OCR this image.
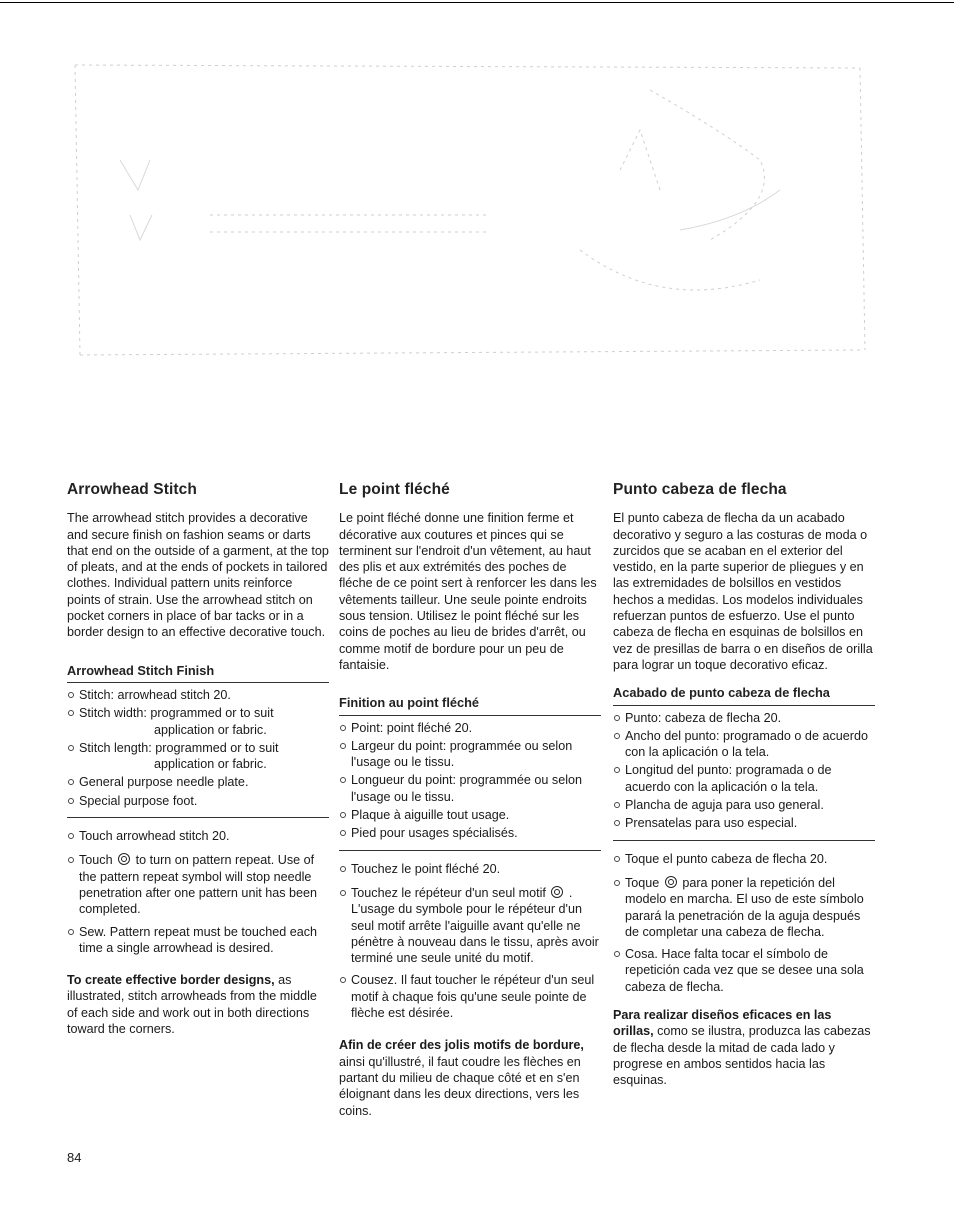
Arrowhead Stitch

The arrowhead stitch provides a decorative and secure finish on fashion seams or darts that end on the outside of a garment, at the top of pleats, and at the ends of pockets in tailored clothes. Individual pattern units reinforce points of strain. Use the arrowhead stitch on pocket corners in place of bar tacks or in a border design to an effective decorative touch.

Arrowhead Stitch Finish
Stitch: arrowhead stitch 20.
Stitch width: programmed or to suit
application or fabric.
Stitch length: programmed or to suit
application or fabric.
General purpose needle plate.
Special purpose foot.
Touch arrowhead stitch 20.
Touch to turn on pattern repeat. Use of the pattern repeat symbol will stop needle penetration after one pattern unit has been completed.
Sew. Pattern repeat must be touched each time a single arrowhead is desired.

To create effective border designs, as illustrated, stitch arrowheads from the middle of each side and work out in both directions toward the corners.

Le point fléché

Le point fléché donne une finition ferme et décorative aux coutures et pinces qui se terminent sur l'endroit d'un vêtement, au haut des plis et aux extrémités des poches de fléche de ce point sert à renforcer les dans les vêtements tailleur. Une seule pointe endroits sous tension. Utilisez le point fléché sur les coins de poches au lieu de brides d'arrêt, ou comme motif de bordure pour un peu de fantaisie.

Finition au point fléché
Point: point fléché 20.
Largeur du point: programmée ou selon l'usage ou le tissu.
Longueur du point: programmée ou selon l'usage ou le tissu.
Plaque à aiguille tout usage.
Pied pour usages spécialisés.
Touchez le point fléché 20.
Touchez le répéteur d'un seul motif . L'usage du symbole pour le répéteur d'un seul motif arrête l'aiguille avant qu'elle ne pénètre à nouveau dans le tissu, après avoir terminé une seule unité du motif.
Cousez. Il faut toucher le répéteur d'un seul motif à chaque fois qu'une seule pointe de flèche est désirée.

Afin de créer des jolis motifs de bordure, ainsi qu'illustré, il faut coudre les flèches en partant du milieu de chaque côté et en s'en éloignant dans les deux directions, vers les coins.

Punto cabeza de flecha

El punto cabeza de flecha da un acabado decorativo y seguro a las costuras de moda o zurcidos que se acaban en el exterior del vestido, en la parte superior de pliegues y en las extremidades de bolsillos en vestidos hechos a medidas. Los modelos individuales refuerzan puntos de esfuerzo. Use el punto cabeza de flecha en esquinas de bolsillos en vez de presillas de barra o en diseños de orilla para lograr un toque decorativo eficaz.

Acabado de punto cabeza de flecha
Punto: cabeza de flecha 20.
Ancho del punto: programado o de acuerdo con la aplicación o la tela.
Longitud del punto: programada o de acuerdo con la aplicación o la tela.
Plancha de aguja para uso general.
Prensatelas para uso especial.
Toque el punto cabeza de flecha 20.
Toque para poner la repetición del modelo en marcha. El uso de este símbolo parará la penetración de la aguja después de completar una cabeza de flecha.
Cosa. Hace falta tocar el símbolo de repetición cada vez que se desee una sola cabeza de flecha.

Para realizar diseños eficaces en las orillas, como se ilustra, produzca las cabezas de flecha desde la mitad de cada lado y progrese en ambos sentidos hacia las esquinas.

84
